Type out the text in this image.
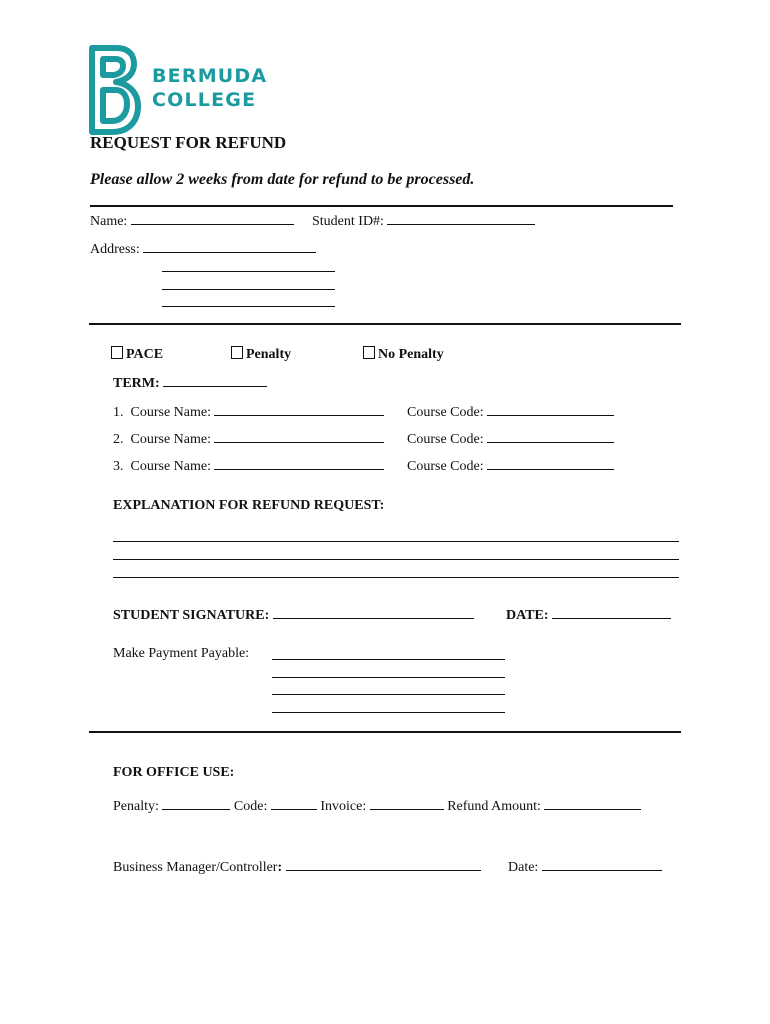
BERMUDA
COLLEGE
REQUEST FOR REFUND
Please allow 2 weeks from date for refund to be processed.
Name:	Student ID#:
Address:
PACE	Penalty	No Penalty
TERM:
1. Course Name:	Course Code:
2. Course Name:	Course Code:
3. Course Name:	Course Code:
EXPLANATION FOR REFUND REQUEST:
STUDENT SIGNATURE:	DATE:
Make Payment Payable:
FOR OFFICE USE:
Penalty:	Code:	Invoice:	Refund Amount:
Business Manager/Controller:	Date:
